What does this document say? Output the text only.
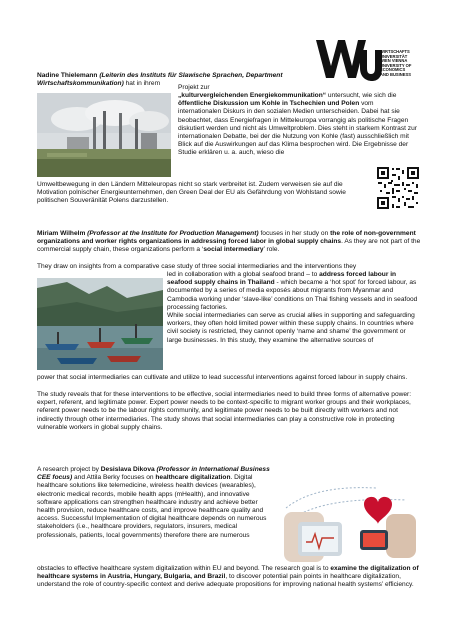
WIRTSCHAFTS
UNIVERSITÄT
WIEN VIENNA
UNIVERSITY OF
ECONOMICS
AND BUSINESS

Nadine Thielemann (Leiterin des Instituts für Slawische Sprachen, Department Wirtschaftskommunikation) hat in ihrem

Projekt zur

„kulturvergleichenden Energiekommunikation“ untersucht, wie sich die öffentliche Diskussion um Kohle in Tschechien und Polen vom internationalen Diskurs in den sozialen Medien unterscheiden. Dabei hat sie beobachtet, dass Energiefragen in Mitteleuropa vorrangig als politische Fragen diskutiert werden und nicht als Umweltproblem. Dies steht in starkem Kontrast zur internationalen Debatte, bei der die Nutzung von Kohle (fast) ausschließlich mit Blick auf die Auswirkungen auf das Klima besprochen wird. Die Ergebnisse der Studie erklären u. a. auch, wieso die

Umweltbewegung in den Ländern Mitteleuropas nicht so stark verbreitet ist. Zudem verweisen sie auf die Motivation polnischer Energieunternehmen, den Green Deal der EU als Gefährdung von Wohlstand sowie politischen Souveränität Polens darzustellen.

Miriam Wilhelm (Professor at the Institute for Production Management) focuses in her study on the role of non-government organizations and worker rights organizations in addressing forced labor in global supply chains. As they are not part of the commercial supply chain, these organizations perform a ‘social intermediary’ role.

They draw on insights from a comparative case study of three social intermediaries and the interventions they

led in collaboration with a global seafood brand – to address forced labour in seafood supply chains in Thailand - which became a ‘hot spot’ for forced labour, as documented by a series of media exposés about migrants from Myanmar and Cambodia working under ‘slave-like’ conditions on Thai fishing vessels and in seafood processing factories.
While social intermediaries can serve as crucial allies in supporting and safeguarding workers, they often hold limited power within these supply chains. In countries where civil society is restricted, they cannot openly ‘name and shame’ the government or large businesses. In this study, they examine the alternative sources of

power that social intermediaries can cultivate and utilize to lead successful interventions against forced labour in supply chains.

The study reveals that for these interventions to be effective, social intermediaries need to build three forms of alternative power: expert, referent, and legitimate power. Expert power needs to be context-specific to migrant worker groups and their workplaces, referent power needs to be the labour rights community, and legitimate power needs to be built directly with workers and not indirectly through other intermediaries. The study shows that social intermediaries can play a constructive role in protecting vulnerable workers in global supply chains.

A research project by Desislava Dikova (Professor in International Business CEE focus) and Attila Berky focuses on healthcare digitalization. Digital healthcare solutions like telemedicine, wireless health devices (wearables), electronic medical records, mobile health apps (mHealth), and innovative software applications can strengthen healthcare industry and achieve better health provision, reduce healthcare costs, and improve healthcare quality and access. Successful Implementation of digital healthcare depends on numerous stakeholders (i.e., healthcare providers, regulators, insurers, medical professionals, patients, local governments) therefore there are numerous

obstacles to effective healthcare system digitalization within EU and beyond. The research goal is to examine the digitalization of healthcare systems in Austria, Hungary, Bulgaria, and Brazil, to discover potential pain points in healthcare digitalization, understand the role of country-specific context and derive adequate propositions for improving national health systems’ efficiency.
